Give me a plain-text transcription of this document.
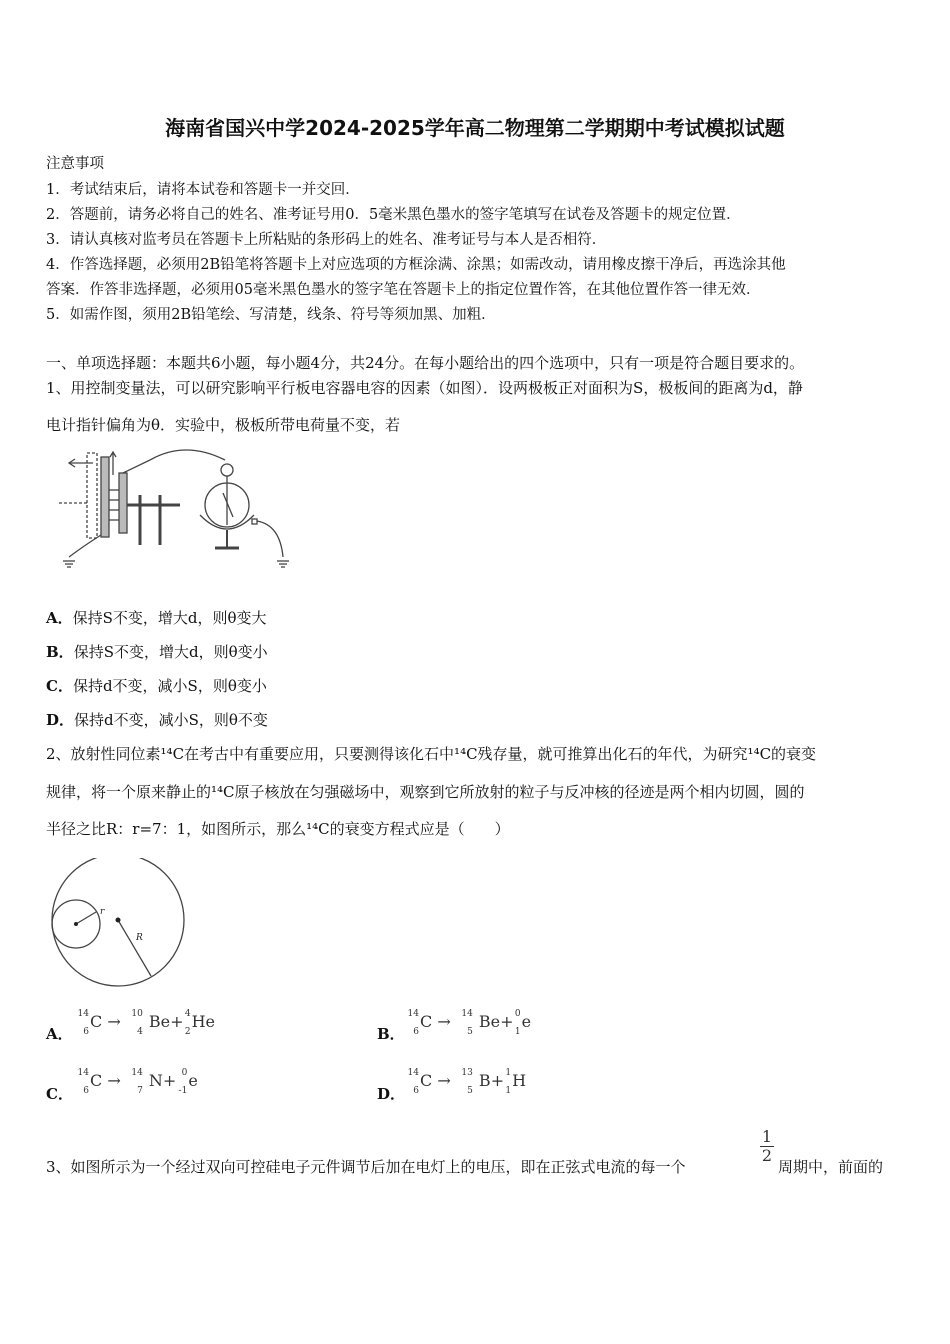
海南省国兴中学2024-2025学年高二物理第二学期期中考试模拟试题
注意事项
1．考试结束后，请将本试卷和答题卡一并交回．
2．答题前，请务必将自己的姓名、准考证号用0．5毫米黑色墨水的签字笔填写在试卷及答题卡的规定位置．
3．请认真核对监考员在答题卡上所粘贴的条形码上的姓名、准考证号与本人是否相符．
4．作答选择题，必须用2B铅笔将答题卡上对应选项的方框涂满、涂黑；如需改动，请用橡皮擦干净后，再选涂其他
答案．作答非选择题，必须用05毫米黑色墨水的签字笔在答题卡上的指定位置作答，在其他位置作答一律无效．
5．如需作图，须用2B铅笔绘、写清楚，线条、符号等须加黑、加粗．
一、单项选择题：本题共6小题，每小题4分，共24分。在每小题给出的四个选项中，只有一项是符合题目要求的。
1、用控制变量法，可以研究影响平行板电容器电容的因素（如图）．设两极板正对面积为S，极板间的距离为d，静
电计指针偏角为θ．实验中，极板所带电荷量不变，若
A．保持S不变，增大d，则θ变大
B．保持S不变，增大d，则θ变小
C．保持d不变，减小S，则θ变小
D．保持d不变，减小S，则θ不变
2、放射性同位素¹⁴C在考古中有重要应用，只要测得该化石中¹⁴C残存量，就可推算出化石的年代，为研究¹⁴C的衰变
规律，将一个原来静止的¹⁴C原子核放在匀强磁场中，观察到它所放射的粒子与反冲核的径迹是两个相内切圆，圆的
半径之比R：r=7：1，如图所示，那么¹⁴C的衰变方程式应是（　　）
r
R
A．
14
6
C → 10
4
Be+ 4
2
He
B．
14
6
C → 14
5
Be+ 0
1
e
C．
14
6
C → 14
7
N+ 0
-1
e
D．
14
6
C → 13
5
B+ 1
1
H
3、如图所示为一个经过双向可控硅电子元件调节后加在电灯上的电压，即在正弦式电流的每一个
$\frac{1}{2}$
周期中，前面的
